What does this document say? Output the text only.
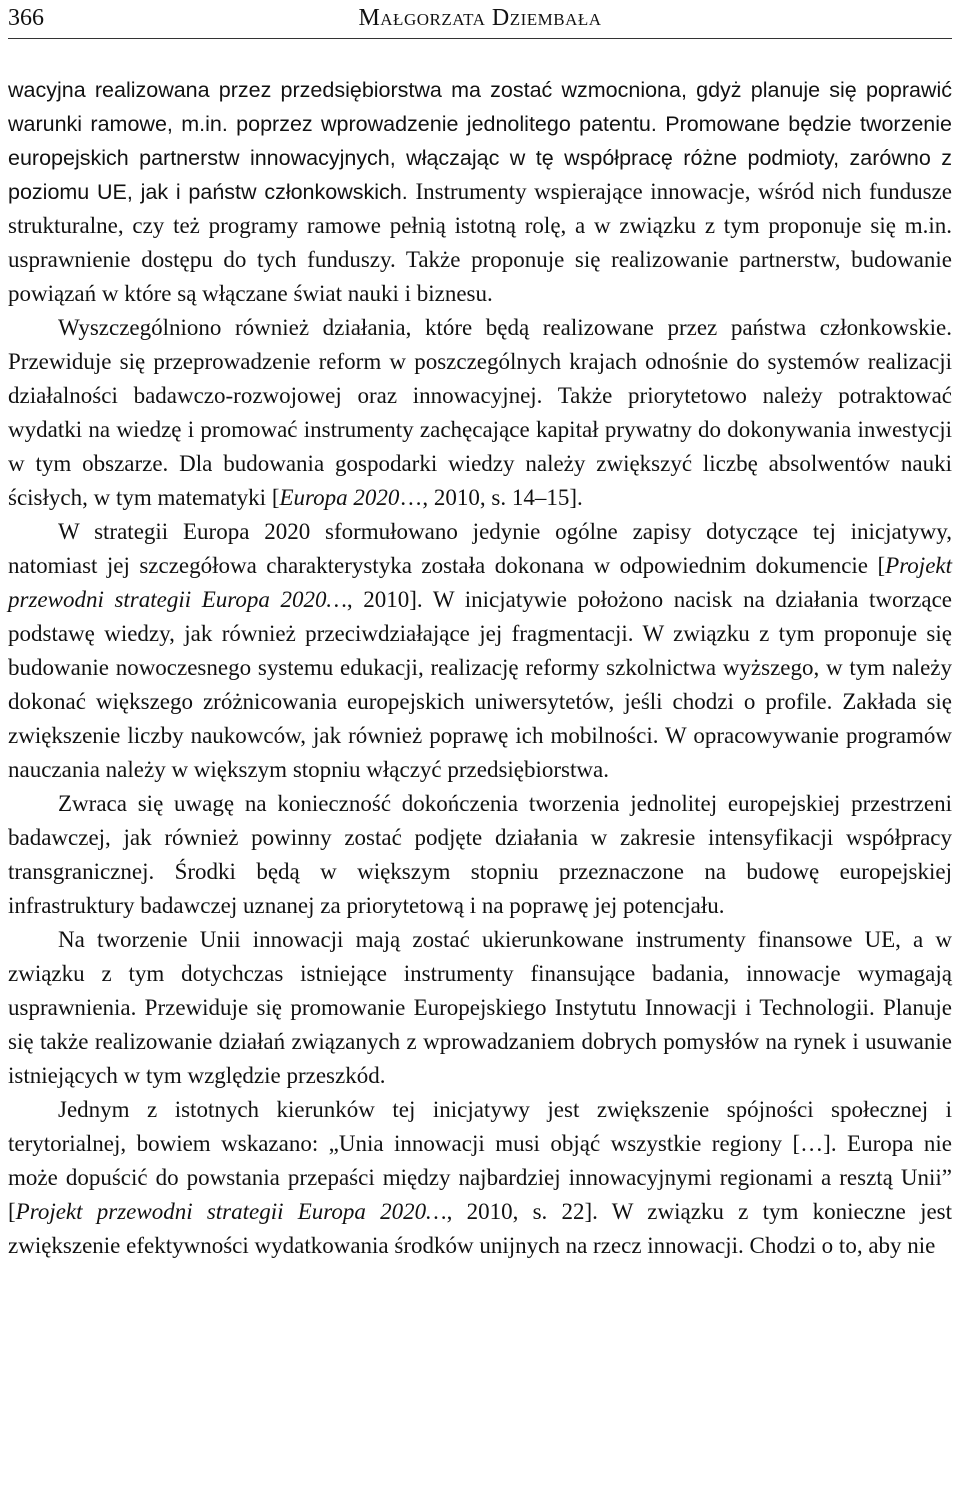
366	Małgorzata Dziembała

wacyjna realizowana przez przedsiębiorstwa ma zostać wzmocniona, gdyż planuje się poprawić warunki ramowe, m.in. poprzez wprowadzenie jednolitego patentu. Promowane będzie tworzenie europejskich partnerstw innowacyjnych, włączając w tę współpracę różne podmioty, zarówno z poziomu UE, jak i państw członkowskich. Instrumenty wspierające innowacje, wśród nich fundusze strukturalne, czy też programy ramowe pełnią istotną rolę, a w związku z tym proponuje się m.in. usprawnienie dostępu do tych funduszy. Także proponuje się realizowanie partnerstw, budowanie powiązań w które są włączane świat nauki i biznesu.

Wyszczególniono również działania, które będą realizowane przez państwa członkowskie. Przewiduje się przeprowadzenie reform w poszczególnych krajach odnośnie do systemów realizacji działalności badawczo-rozwojowej oraz innowacyjnej. Także priorytetowo należy potraktować wydatki na wiedzę i promować instrumenty zachęcające kapitał prywatny do dokonywania inwestycji w tym obszarze. Dla budowania gospodarki wiedzy należy zwiększyć liczbę absolwentów nauki ścisłych, w tym matematyki [Europa 2020…, 2010, s. 14–15].

W strategii Europa 2020 sformułowano jedynie ogólne zapisy dotyczące tej inicjatywy, natomiast jej szczegółowa charakterystyka została dokonana w odpowiednim dokumencie [Projekt przewodni strategii Europa 2020…, 2010]. W inicjatywie położono nacisk na działania tworzące podstawę wiedzy, jak również przeciwdziałające jej fragmentacji. W związku z tym proponuje się budowanie nowoczesnego systemu edukacji, realizację reformy szkolnictwa wyższego, w tym należy dokonać większego zróżnicowania europejskich uniwersytetów, jeśli chodzi o profile. Zakłada się zwiększenie liczby naukowców, jak również poprawę ich mobilności. W opracowywanie programów nauczania należy w większym stopniu włączyć przedsiębiorstwa.

Zwraca się uwagę na konieczność dokończenia tworzenia jednolitej europejskiej przestrzeni badawczej, jak również powinny zostać podjęte działania w zakresie intensyfikacji współpracy transgranicznej. Środki będą w większym stopniu przeznaczone na budowę europejskiej infrastruktury badawczej uznanej za priorytetową i na poprawę jej potencjału.

Na tworzenie Unii innowacji mają zostać ukierunkowane instrumenty finansowe UE, a w związku z tym dotychczas istniejące instrumenty finansujące badania, innowacje wymagają usprawnienia. Przewiduje się promowanie Europejskiego Instytutu Innowacji i Technologii. Planuje się także realizowanie działań związanych z wprowadzaniem dobrych pomysłów na rynek i usuwanie istniejących w tym względzie przeszkód.

Jednym z istotnych kierunków tej inicjatywy jest zwiększenie spójności społecznej i terytorialnej, bowiem wskazano: „Unia innowacji musi objąć wszystkie regiony […]. Europa nie może dopuścić do powstania przepaści między najbardziej innowacyjnymi regionami a resztą Unii” [Projekt przewodni strategii Europa 2020…, 2010, s. 22]. W związku z tym konieczne jest zwiększenie efektywności wydatkowania środków unijnych na rzecz innowacji. Chodzi o to, aby nie
